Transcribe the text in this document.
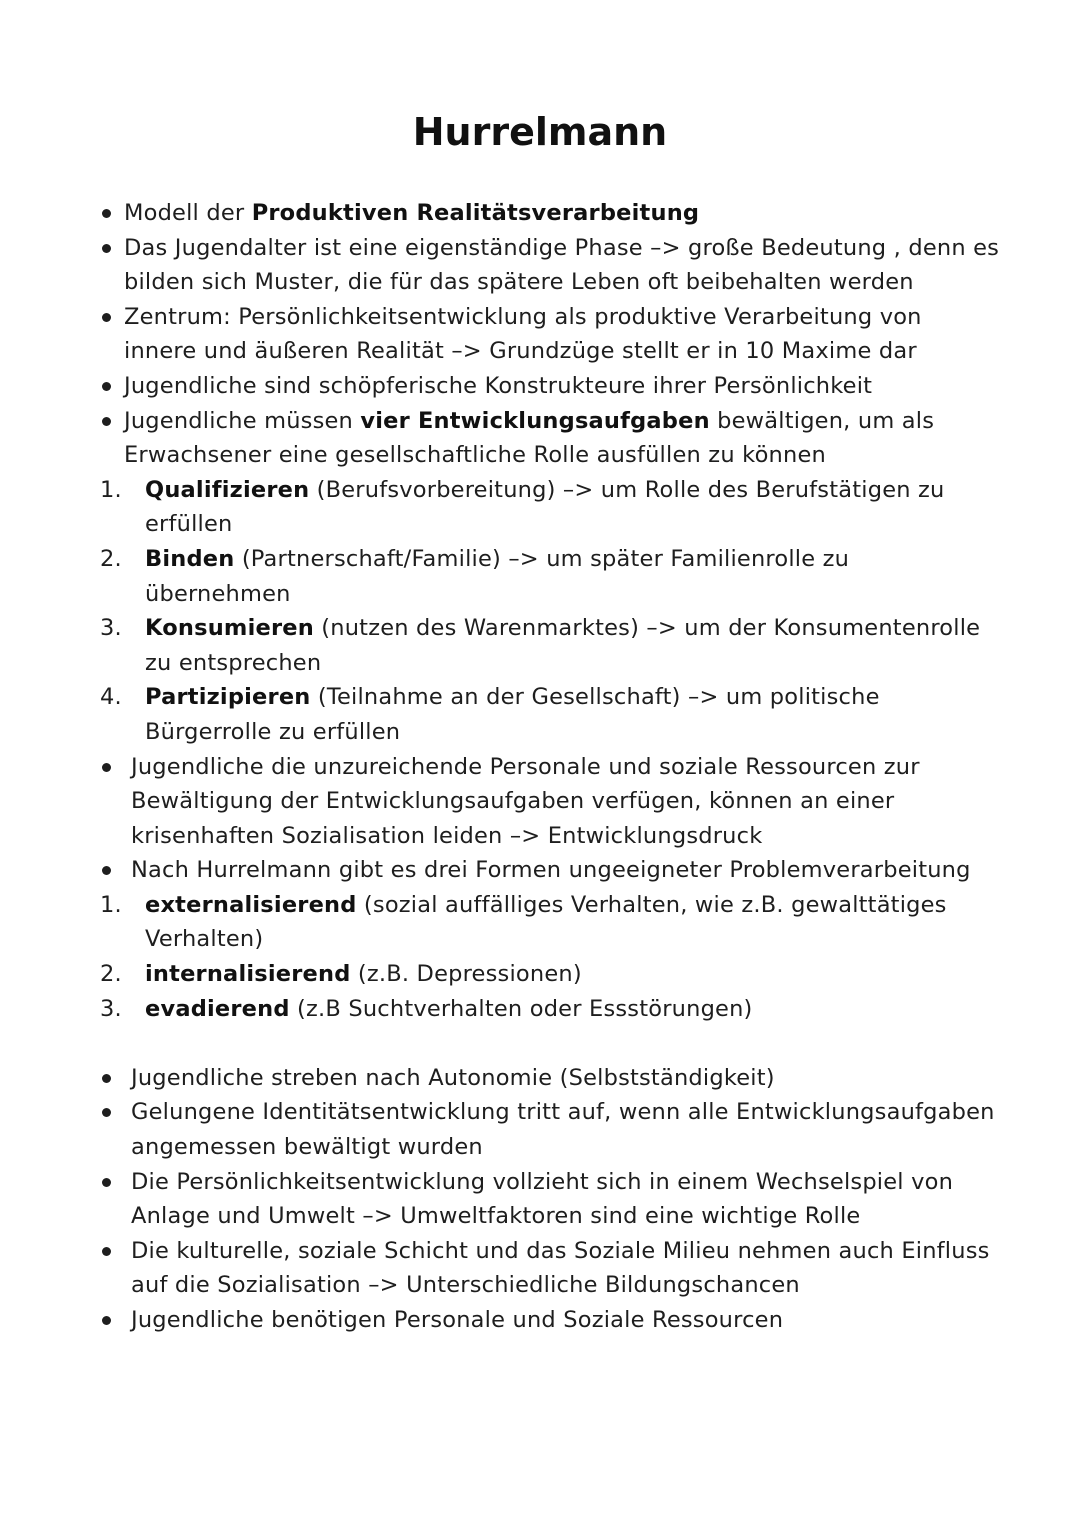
Hurrelmann
Modell der Produktiven Realitätsverarbeitung
Das Jugendalter ist eine eigenständige Phase –> große Bedeutung , denn es bilden sich Muster, die für das spätere Leben oft beibehalten werden
Zentrum: Persönlichkeitsentwicklung als produktive Verarbeitung von innere und äußeren Realität –> Grundzüge stellt er in 10 Maxime dar
Jugendliche sind schöpferische Konstrukteure ihrer Persönlichkeit
Jugendliche müssen vier Entwicklungsaufgaben bewältigen, um als Erwachsener eine gesellschaftliche Rolle ausfüllen zu können
1.	Qualifizieren (Berufsvorbereitung) –> um Rolle des Berufstätigen zu erfüllen
2.	Binden (Partnerschaft/Familie) –> um später Familienrolle zu übernehmen
3.	Konsumieren (nutzen des Warenmarktes) –> um der Konsumentenrolle zu entsprechen
4.	Partizipieren (Teilnahme an der Gesellschaft) –> um politische Bürgerrolle zu erfüllen
Jugendliche die unzureichende Personale und soziale Ressourcen zur Bewältigung der Entwicklungsaufgaben verfügen, können an einer krisenhaften Sozialisation leiden –> Entwicklungsdruck
Nach Hurrelmann gibt es drei Formen ungeeigneter Problemverarbeitung
1.	externalisierend (sozial auffälliges Verhalten, wie z.B. gewalttätiges Verhalten)
2.	internalisierend (z.B. Depressionen)
3.	evadierend (z.B Suchtverhalten oder Essstörungen)
Jugendliche streben nach Autonomie (Selbstständigkeit)
Gelungene Identitätsentwicklung tritt auf, wenn alle Entwicklungsaufgaben angemessen bewältigt wurden
Die Persönlichkeitsentwicklung vollzieht sich in einem Wechselspiel von Anlage und Umwelt –> Umweltfaktoren sind eine wichtige Rolle
Die kulturelle, soziale Schicht und das Soziale Milieu nehmen auch Einfluss auf die Sozialisation –> Unterschiedliche Bildungschancen
Jugendliche benötigen Personale und Soziale Ressourcen
